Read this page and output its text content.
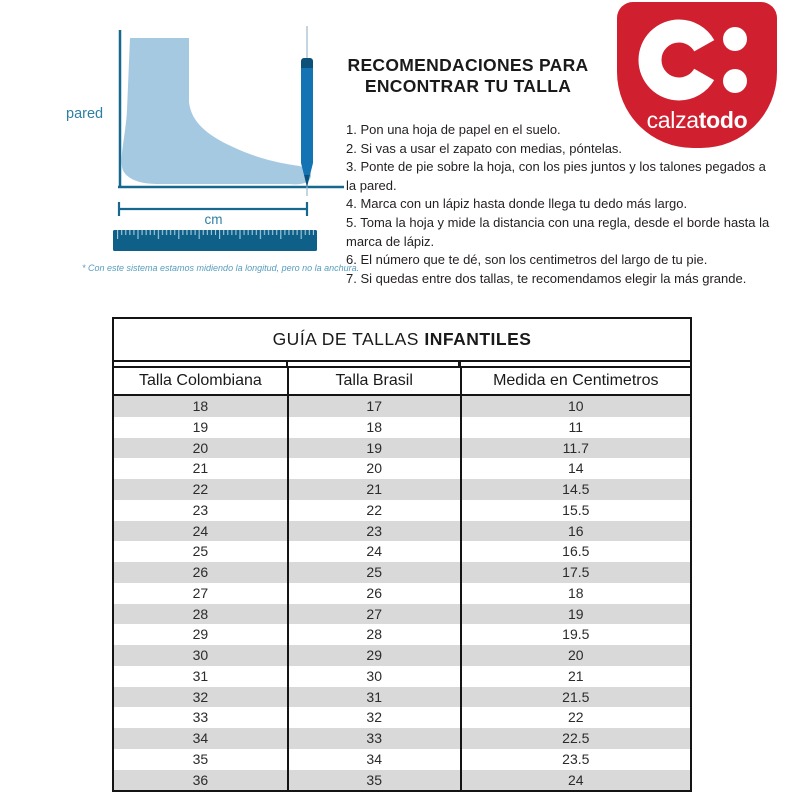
pared
cm
* Con este sistema estamos midiendo la longitud, pero no la anchura.
RECOMENDACIONES PARA
ENCONTRAR TU TALLA
1. Pon una hoja de papel en el suelo.
2. Si vas a usar el zapato con medias, póntelas.
3. Ponte de pie sobre la hoja, con los pies juntos y los talones pegados a la pared.
4. Marca con un lápiz hasta donde llega tu dedo más largo.
5. Toma la hoja y mide la distancia con una regla, desde el borde hasta la marca de lápiz.
6. El número que te dé, son los centimetros del largo de tu pie.
7. Si quedas entre dos tallas, te recomendamos elegir la más grande.
calzatodo
GUÍA DE TALLAS INFANTILES
Talla Colombiana	Talla Brasil	Medida en Centimetros
18	17	10
19	18	11
20	19	11.7
21	20	14
22	21	14.5
23	22	15.5
24	23	16
25	24	16.5
26	25	17.5
27	26	18
28	27	19
29	28	19.5
30	29	20
31	30	21
32	31	21.5
33	32	22
34	33	22.5
35	34	23.5
36	35	24
